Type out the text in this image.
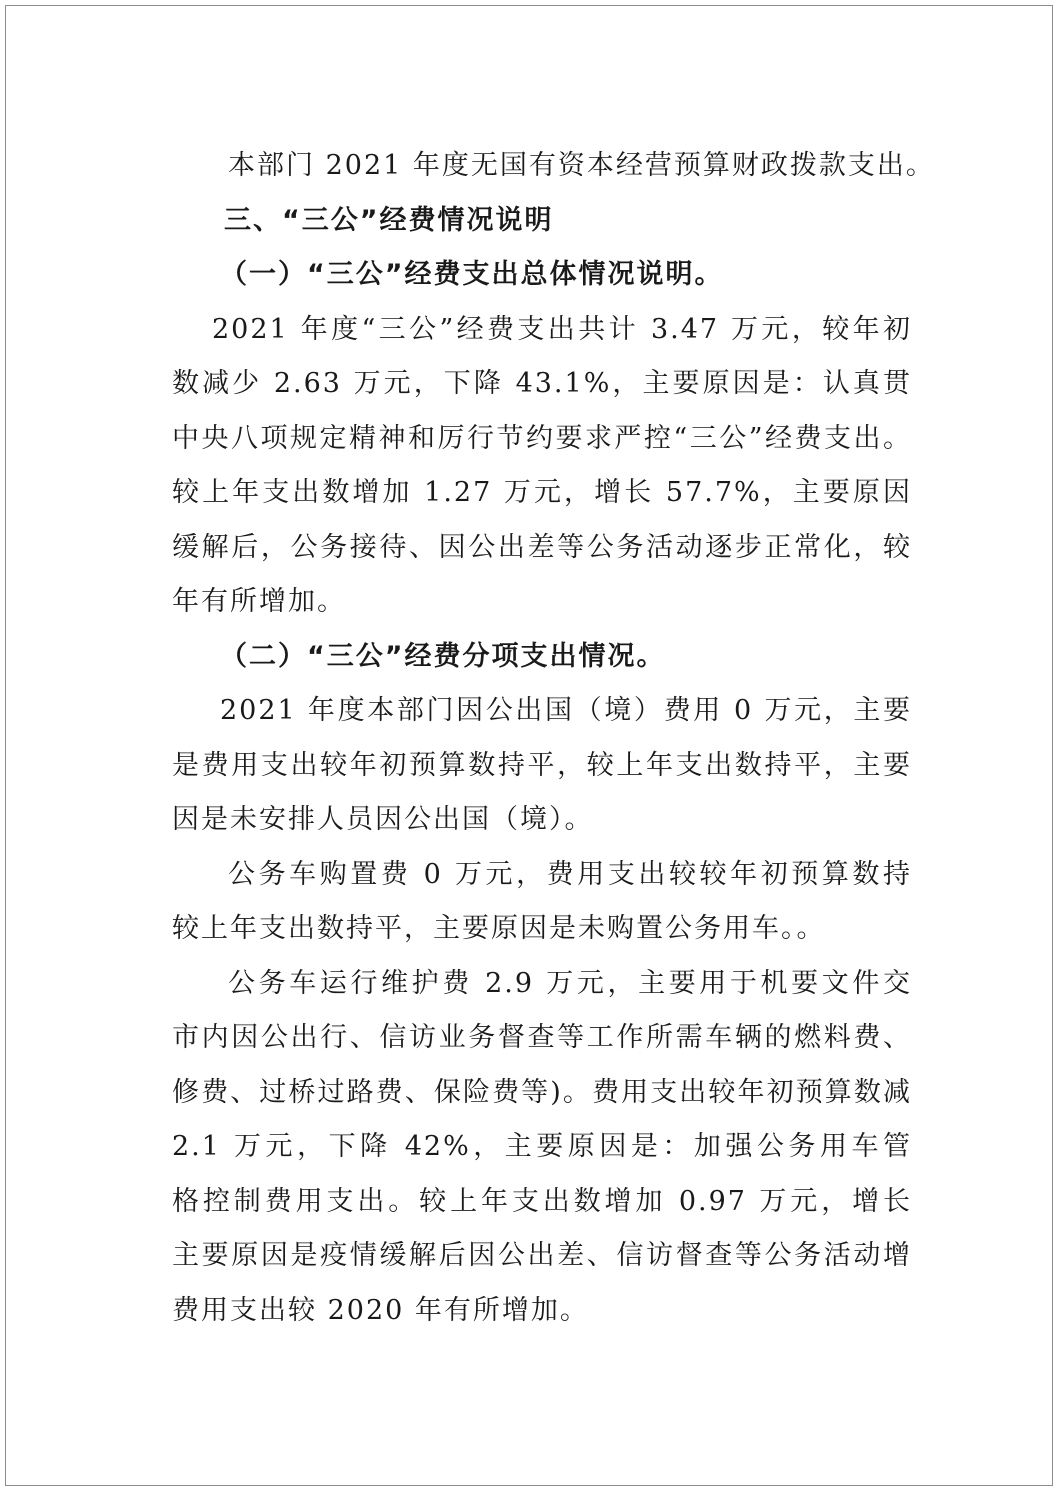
本部门 2021 年度无国有资本经营预算财政拨款支出。
三、“三公”经费情况说明
（一）“三公”经费支出总体情况说明。
2021 年度“三公”经费支出共计 3.47 万元，较年初
数减少 2.63 万元，下降 43.1%，主要原因是：认真贯
中央八项规定精神和厉行节约要求严控“三公”经费支出。
较上年支出数增加 1.27 万元，增长 57.7%，主要原因
缓解后，公务接待、因公出差等公务活动逐步正常化，较
年有所增加。
（二）“三公”经费分项支出情况。
2021 年度本部门因公出国（境）费用 0 万元，主要
是费用支出较年初预算数持平，较上年支出数持平，主要
因是未安排人员因公出国（境）。
公务车购置费 0 万元，费用支出较较年初预算数持
较上年支出数持平，主要原因是未购置公务用车。。
公务车运行维护费 2.9 万元，主要用于机要文件交
市内因公出行、信访业务督查等工作所需车辆的燃料费、
修费、过桥过路费、保险费等)。费用支出较年初预算数减
2.1 万元，下降 42%，主要原因是：加强公务用车管
格控制费用支出。较上年支出数增加 0.97 万元，增长
主要原因是疫情缓解后因公出差、信访督查等公务活动增
费用支出较 2020 年有所增加。
